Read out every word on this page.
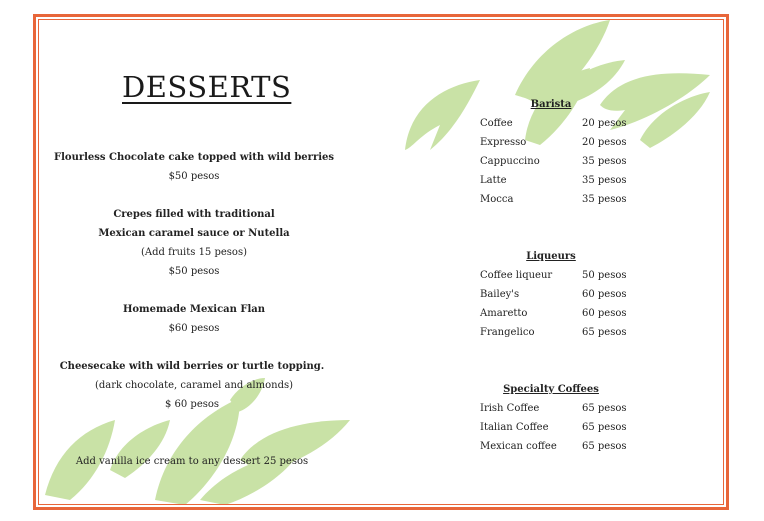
DESSERTS
Flourless Chocolate cake topped with wild berries
$50 pesos
Crepes filled with traditional
Mexican caramel sauce or Nutella
(Add fruits 15 pesos)
$50 pesos
Homemade Mexican Flan
$60 pesos
Cheesecake with wild berries or turtle topping.
(dark chocolate, caramel and almonds)
$ 60 pesos
Add vanilla ice cream to any dessert 25 pesos
Barista
Coffee	20 pesos
Expresso	20 pesos
Cappuccino	35 pesos
Latte	35 pesos
Mocca	35 pesos
Liqueurs
Coffee liqueur	50 pesos
Bailey's	60 pesos
Amaretto	60 pesos
Frangelico	65 pesos
Specialty Coffees
Irish Coffee	65 pesos
Italian Coffee	65 pesos
Mexican coffee	65 pesos
